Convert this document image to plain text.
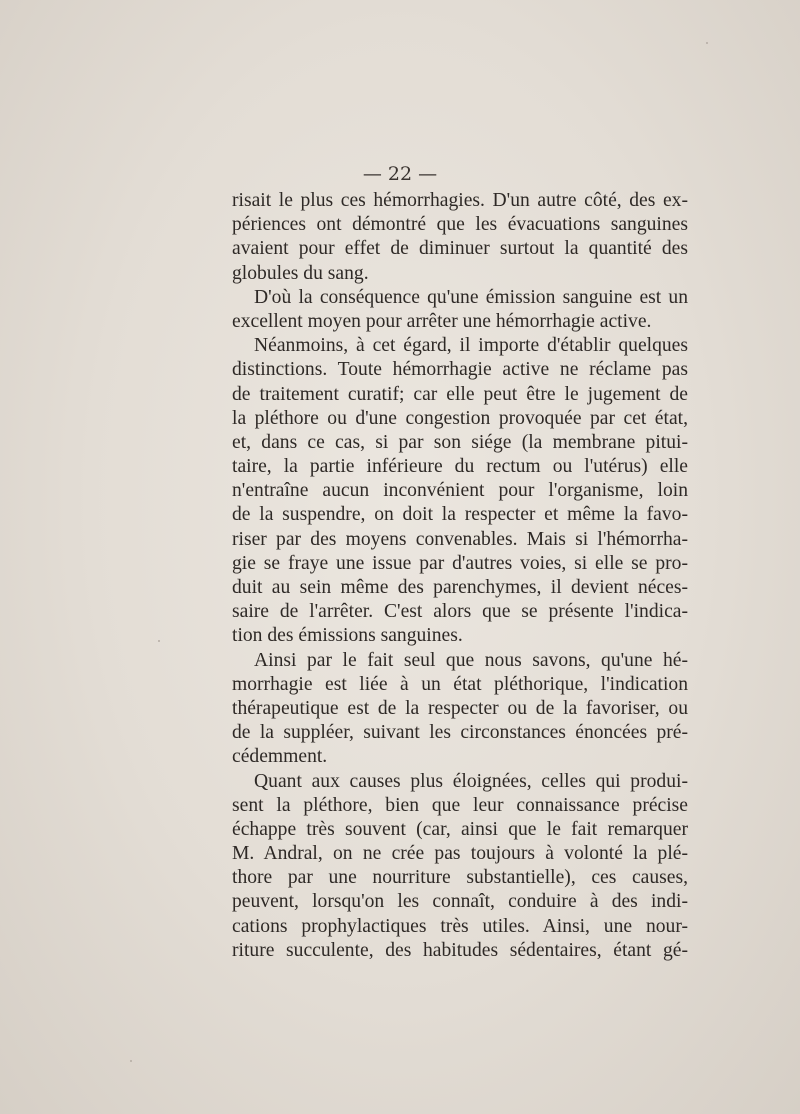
— 22 —
risait le plus ces hémorrhagies. D'un autre côté, des ex-
périences ont démontré que les évacuations sanguines
avaient pour effet de diminuer surtout la quantité des
globules du sang.
D'où la conséquence qu'une émission sanguine est un
excellent moyen pour arrêter une hémorrhagie active.
Néanmoins, à cet égard, il importe d'établir quelques
distinctions. Toute hémorrhagie active ne réclame pas
de traitement curatif; car elle peut être le jugement de
la pléthore ou d'une congestion provoquée par cet état,
et, dans ce cas, si par son siége (la membrane pitui-
taire, la partie inférieure du rectum ou l'utérus) elle
n'entraîne aucun inconvénient pour l'organisme, loin
de la suspendre, on doit la respecter et même la favo-
riser par des moyens convenables. Mais si l'hémorrha-
gie se fraye une issue par d'autres voies, si elle se pro-
duit au sein même des parenchymes, il devient néces-
saire de l'arrêter. C'est alors que se présente l'indica-
tion des émissions sanguines.
Ainsi par le fait seul que nous savons, qu'une hé-
morrhagie est liée à un état pléthorique, l'indication
thérapeutique est de la respecter ou de la favoriser, ou
de la suppléer, suivant les circonstances énoncées pré-
cédemment.
Quant aux causes plus éloignées, celles qui produi-
sent la pléthore, bien que leur connaissance précise
échappe très souvent (car, ainsi que le fait remarquer
M. Andral, on ne crée pas toujours à volonté la plé-
thore par une nourriture substantielle), ces causes,
peuvent, lorsqu'on les connaît, conduire à des indi-
cations prophylactiques très utiles. Ainsi, une nour-
riture succulente, des habitudes sédentaires, étant gé-
